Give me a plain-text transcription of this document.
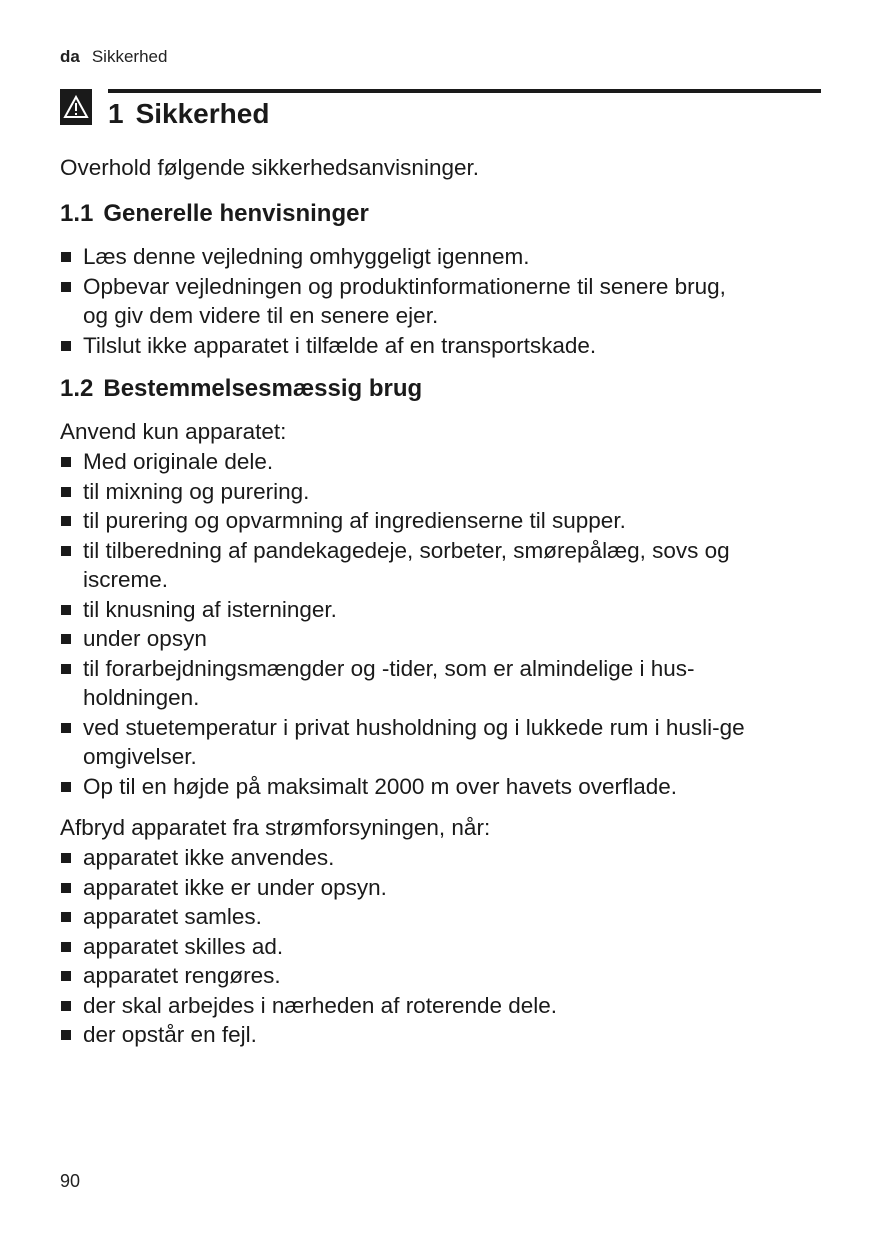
da Sikkerhed
1 Sikkerhed

Overhold følgende sikkerhedsanvisninger.

1.1 Generelle henvisninger
Læs denne vejledning omhyggeligt igennem.
Opbevar vejledningen og produktinformationerne til senere brug, og giv dem videre til en senere ejer.
Tilslut ikke apparatet i tilfælde af en transportskade.
1.2 Bestemmelsesmæssig brug

Anvend kun apparatet:

Med originale dele.
til mixning og purering.
til purering og opvarmning af ingredienserne til supper.
til tilberedning af pandekagedeje, sorbeter, smørepålæg, sovs og iscreme.
til knusning af isterninger.
under opsyn
til forarbejdningsmængder og -tider, som er almindelige i hus-holdningen.
ved stuetemperatur i privat husholdning og i lukkede rum i husli-ge omgivelser.
Op til en højde på maksimalt 2000 m over havets overflade.

Afbryd apparatet fra strømforsyningen, når:

apparatet ikke anvendes.
apparatet ikke er under opsyn.
apparatet samles.
apparatet skilles ad.
apparatet rengøres.
der skal arbejdes i nærheden af roterende dele.
der opstår en fejl.
90
